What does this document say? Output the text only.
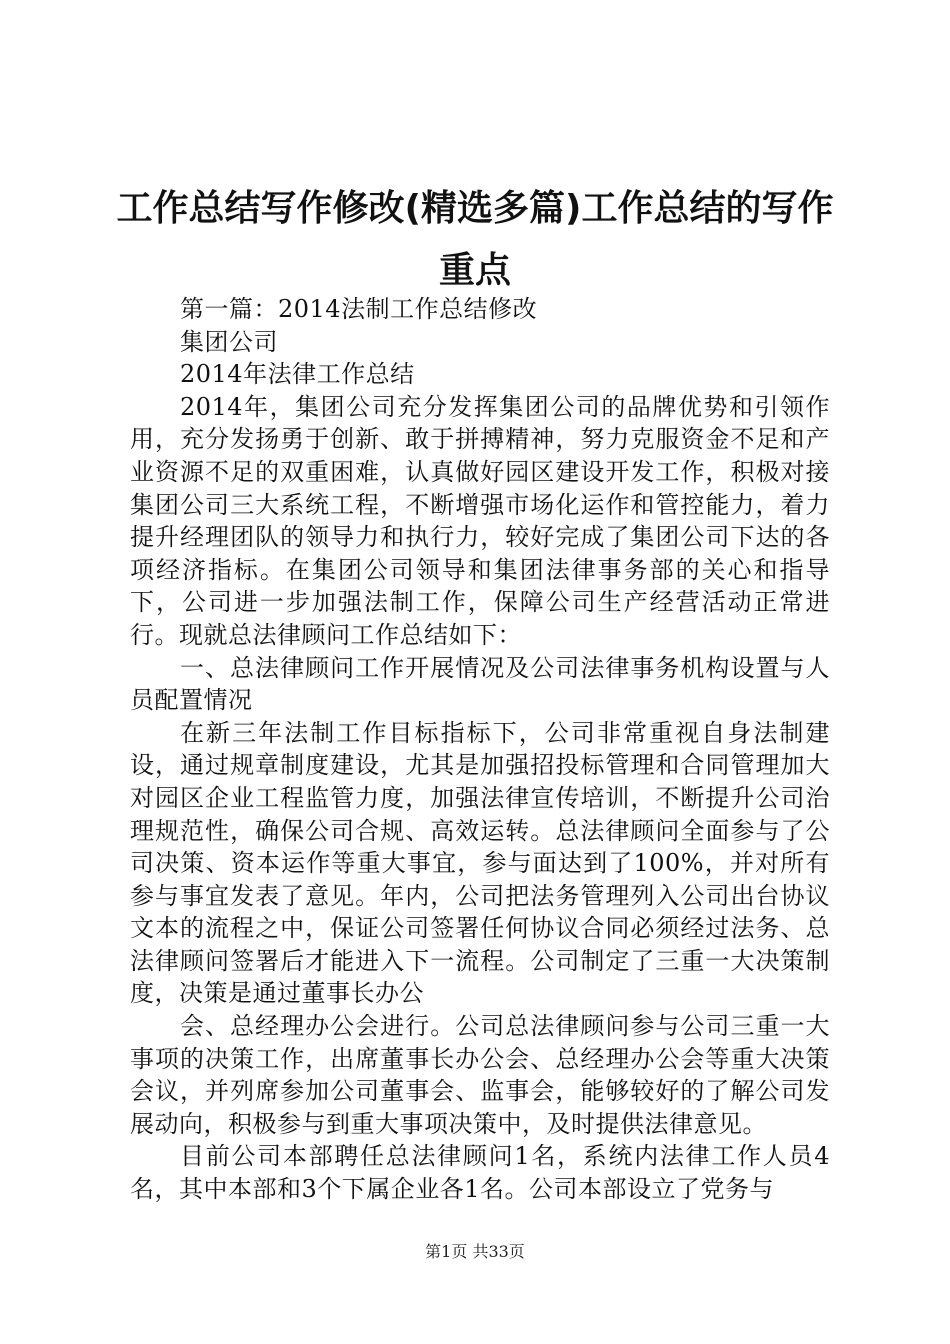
工作总结写作修改(精选多篇)工作总结的写作重点

第一篇：2014法制工作总结修改

集团公司

2014年法律工作总结

2014年，集团公司充分发挥集团公司的品牌优势和引领作用，充分发扬勇于创新、敢于拼搏精神，努力克服资金不足和产业资源不足的双重困难，认真做好园区建设开发工作，积极对接集团公司三大系统工程，不断增强市场化运作和管控能力，着力提升经理团队的领导力和执行力，较好完成了集团公司下达的各项经济指标。在集团公司领导和集团法律事务部的关心和指导下，公司进一步加强法制工作，保障公司生产经营活动正常进行。现就总法律顾问工作总结如下：

一、总法律顾问工作开展情况及公司法律事务机构设置与人员配置情况

在新三年法制工作目标指标下，公司非常重视自身法制建设，通过规章制度建设，尤其是加强招投标管理和合同管理加大对园区企业工程监管力度，加强法律宣传培训，不断提升公司治理规范性，确保公司合规、高效运转。总法律顾问全面参与了公司决策、资本运作等重大事宜，参与面达到了100%，并对所有参与事宜发表了意见。年内，公司把法务管理列入公司出台协议文本的流程之中，保证公司签署任何协议合同必须经过法务、总法律顾问签署后才能进入下一流程。公司制定了三重一大决策制度，决策是通过董事长办公

会、总经理办公会进行。公司总法律顾问参与公司三重一大事项的决策工作，出席董事长办公会、总经理办公会等重大决策会议，并列席参加公司董事会、监事会，能够较好的了解公司发展动向，积极参与到重大事项决策中，及时提供法律意见。

目前公司本部聘任总法律顾问1名，系统内法律工作人员4名，其中本部和3个下属企业各1名。公司本部设立了党务与

第1页 共33页
